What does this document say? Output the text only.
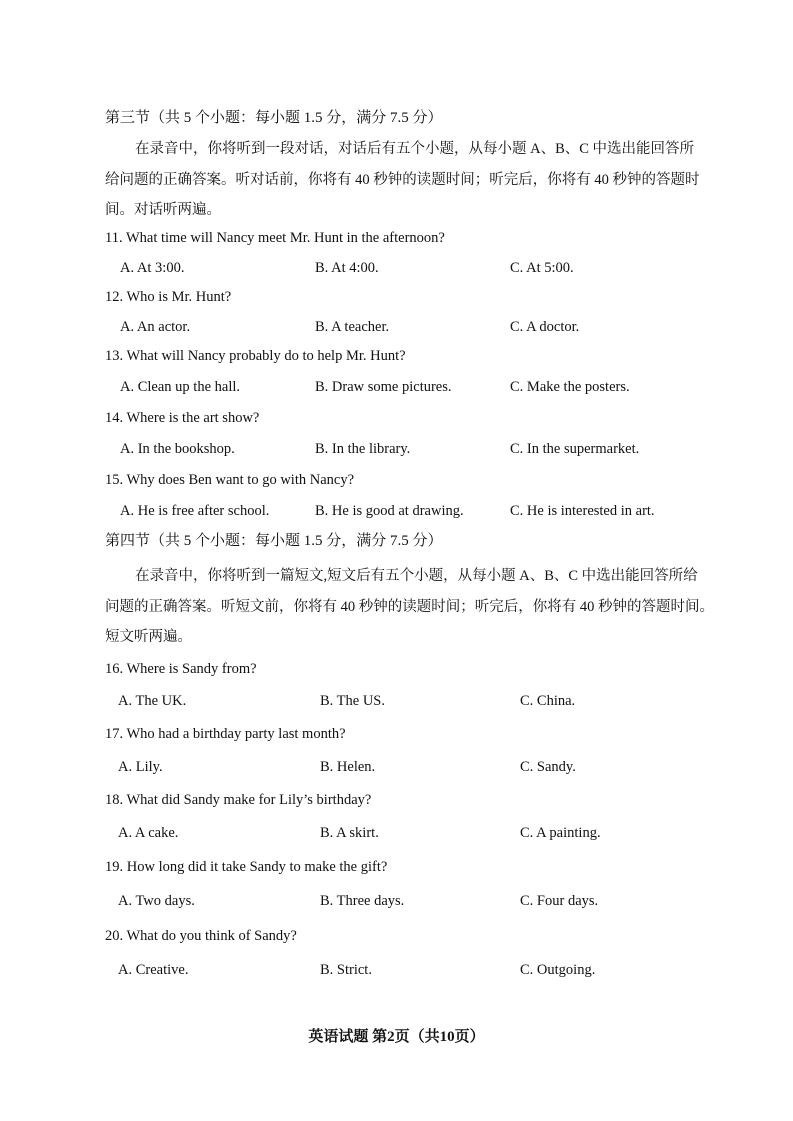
第三节（共 5 个小题：每小题 1.5 分，满分 7.5 分）
在录音中，你将听到一段对话，对话后有五个小题，从每小题 A、B、C 中选出能回答所
给问题的正确答案。听对话前，你将有 40 秒钟的读题时间；听完后，你将有 40 秒钟的答题时
间。对话听两遍。
11. What time will Nancy meet Mr. Hunt in the afternoon?
A. At 3:00.	B. At 4:00.	C. At 5:00.
12. Who is Mr. Hunt?
A. An actor.	B. A teacher.	C. A doctor.
13. What will Nancy probably do to help Mr. Hunt?
A. Clean up the hall.	B. Draw some pictures.	C. Make the posters.
14. Where is the art show?
A. In the bookshop.	B. In the library.	C. In the supermarket.
15. Why does Ben want to go with Nancy?
A. He is free after school.	B. He is good at drawing.	C. He is interested in art.
16. Where is Sandy from?
A. The UK.	B. The US.	C. China.
17. Who had a birthday party last month?
A. Lily.	B. Helen.	C. Sandy.
18. What did Sandy make for Lily’s birthday?
A. A cake.	B. A skirt.	C. A painting.
19. How long did it take Sandy to make the gift?
A. Two days.	B. Three days.	C. Four days.
20. What do you think of Sandy?
A. Creative.	B. Strict.	C. Outgoing.
第四节（共 5 个小题：每小题 1.5 分，满分 7.5 分）
在录音中，你将听到一篇短文,短文后有五个小题，从每小题 A、B、C 中选出能回答所给
问题的正确答案。听短文前，你将有 40 秒钟的读题时间；听完后，你将有 40 秒钟的答题时间。
短文听两遍。
英语试题 第2页（共10页）
